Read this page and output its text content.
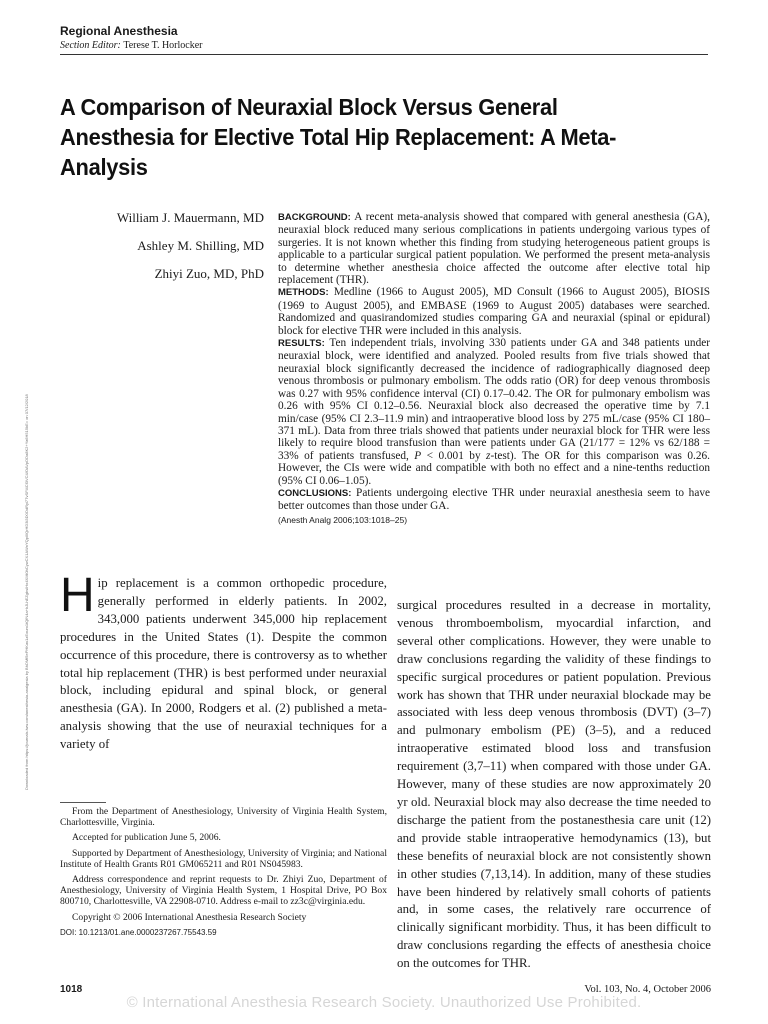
Regional Anesthesia
Section Editor: Terese T. Horlocker
A Comparison of Neuraxial Block Versus General Anesthesia for Elective Total Hip Replacement: A Meta-Analysis
William J. Mauermann, MD
Ashley M. Shilling, MD
Zhiyi Zuo, MD, PhD

BACKGROUND: A recent meta-analysis showed that compared with general anesthesia (GA), neuraxial block reduced many serious complications in patients undergoing various types of surgeries. It is not known whether this finding from studying heterogeneous patient groups is applicable to a particular surgical patient population. We performed the present meta-analysis to determine whether anesthesia choice affected the outcome after elective total hip replacement (THR).

METHODS: Medline (1966 to August 2005), MD Consult (1966 to August 2005), BIOSIS (1969 to August 2005), and EMBASE (1969 to August 2005) databases were searched. Randomized and quasirandomized studies comparing GA and neuraxial (spinal or epidural) block for elective THR were included in this analysis.

RESULTS: Ten independent trials, involving 330 patients under GA and 348 patients under neuraxial block, were identified and analyzed. Pooled results from five trials showed that neuraxial block significantly decreased the incidence of radiographically diagnosed deep venous thrombosis or pulmonary embolism. The odds ratio (OR) for deep venous thrombosis was 0.27 with 95% confidence interval (CI) 0.17–0.42. The OR for pulmonary embolism was 0.26 with 95% CI 0.12–0.56. Neuraxial block also decreased the operative time by 7.1 min/case (95% CI 2.3–11.9 min) and intraoperative blood loss by 275 mL/case (95% CI 180–371 mL). Data from three trials showed that patients under neuraxial block for THR were less likely to require blood transfusion than were patients under GA (21/177 = 12% vs 62/188 = 33% of patients transfused, P < 0.001 by z-test). The OR for this comparison was 0.26. However, the CIs were wide and compatible with both no effect and a nine-tenths reduction (95% CI 0.06–1.05).

CONCLUSIONS: Patients undergoing elective THR under neuraxial anesthesia seem to have better outcomes than those under GA.

(Anesth Analg 2006;103:1018–25)
Downloaded from https://journals.lww.com/anesthesia-analgesia by BhDMf5ePHKav1zEoum1tQfN4a+kJLhEZgbsIHo4XMi0hCywCX1AWnYQp/IlQrHD3i3D0OdRyi7TvSFl4Cf3VC4/OAVpDDa8K2+Ya6H515kE= on 07/12/2018 Hip replacement is a common orthopedic procedure, generally performed in elderly patients. In 2002, 343,000 patients underwent 345,000 hip replacement procedures in the United States (1). Despite the common occurrence of this procedure, there is controversy as to whether total hip replacement (THR) is best performed under neuraxial block, including epidural and spinal block, or general anesthesia (GA). In 2000, Rodgers et al. (2) published a meta-analysis showing that the use of neuraxial techniques for a variety of

surgical procedures resulted in a decrease in mortality, venous thromboembolism, myocardial infarction, and several other complications. However, they were unable to draw conclusions regarding the validity of these findings to specific surgical procedures or patient population. Previous work has shown that THR under neuraxial blockade may be associated with less deep venous thrombosis (DVT) (3–7) and pulmonary embolism (PE) (3–5), and a reduced intraoperative estimated blood loss and transfusion requirement (3,7–11) when compared with those under GA. However, many of these studies are now approximately 20 yr old. Neuraxial block may also decrease the time needed to discharge the patient from the postanesthesia care unit (12) and provide stable intraoperative hemodynamics (13), but these benefits of neuraxial block are not consistently shown in other studies (7,13,14). In addition, many of these studies have been hindered by relatively small cohorts of patients and, in some cases, the relatively rare occurrence of clinically significant morbidity. Thus, it has been difficult to draw conclusions regarding the effects of anesthesia choice on the outcomes for THR.

From the Department of Anesthesiology, University of Virginia Health System, Charlottesville, Virginia.

Accepted for publication June 5, 2006.

Supported by Department of Anesthesiology, University of Virginia; and National Institute of Health Grants R01 GM065211 and R01 NS045983.

Address correspondence and reprint requests to Dr. Zhiyi Zuo, Department of Anesthesiology, University of Virginia Health System, 1 Hospital Drive, PO Box 800710, Charlottesville, VA 22908-0710. Address e-mail to zz3c@virginia.edu.

Copyright © 2006 International Anesthesia Research Society

DOI: 10.1213/01.ane.0000237267.75543.59

1018	Vol. 103, No. 4, October 2006
© International Anesthesia Research Society. Unauthorized Use Prohibited.
